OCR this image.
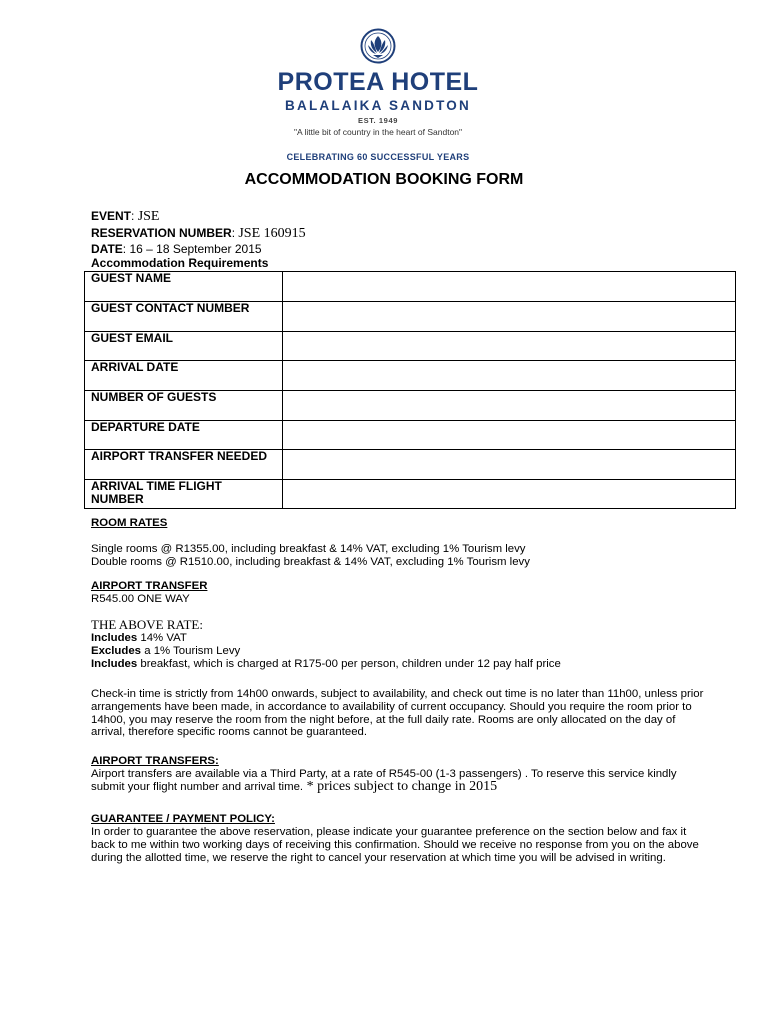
PROTEA HOTEL
BALALAIKA SANDTON
EST. 1949
"A little bit of country in the heart of Sandton"
CELEBRATING 60 SUCCESSFUL YEARS
ACCOMMODATION BOOKING FORM
EVENT: JSE
RESERVATION NUMBER: JSE 160915
DATE: 16 – 18 September 2015
Accommodation Requirements
GUEST NAME	
GUEST CONTACT NUMBER	
GUEST EMAIL	
ARRIVAL DATE	
NUMBER OF GUESTS	
DEPARTURE DATE	
AIRPORT TRANSFER NEEDED	
ARRIVAL TIME FLIGHT NUMBER	
ROOM RATES
Single rooms @ R1355.00, including breakfast & 14% VAT, excluding 1% Tourism levy
Double rooms @ R1510.00, including breakfast & 14% VAT, excluding 1% Tourism levy
AIRPORT TRANSFER
R545.00 ONE WAY
THE ABOVE RATE:
Includes 14% VAT
Excludes a 1% Tourism Levy
Includes breakfast, which is charged at R175-00 per person, children under 12 pay half price
Check-in time is strictly from 14h00 onwards, subject to availability, and check out time is no later than 11h00, unless prior arrangements have been made, in accordance to availability of current occupancy. Should you require the room prior to 14h00, you may reserve the room from the night before, at the full daily rate. Rooms are only allocated on the day of arrival, therefore specific rooms cannot be guaranteed.
AIRPORT TRANSFERS:
Airport transfers are available via a Third Party, at a rate of R545-00 (1-3 passengers) . To reserve this service kindly submit your flight number and arrival time. * prices subject to change in 2015
GUARANTEE / PAYMENT POLICY:
In order to guarantee the above reservation, please indicate your guarantee preference on the section below and fax it back to me within two working days of receiving this confirmation. Should we receive no response from you on the above during the allotted time, we reserve the right to cancel your reservation at which time you will be advised in writing.
